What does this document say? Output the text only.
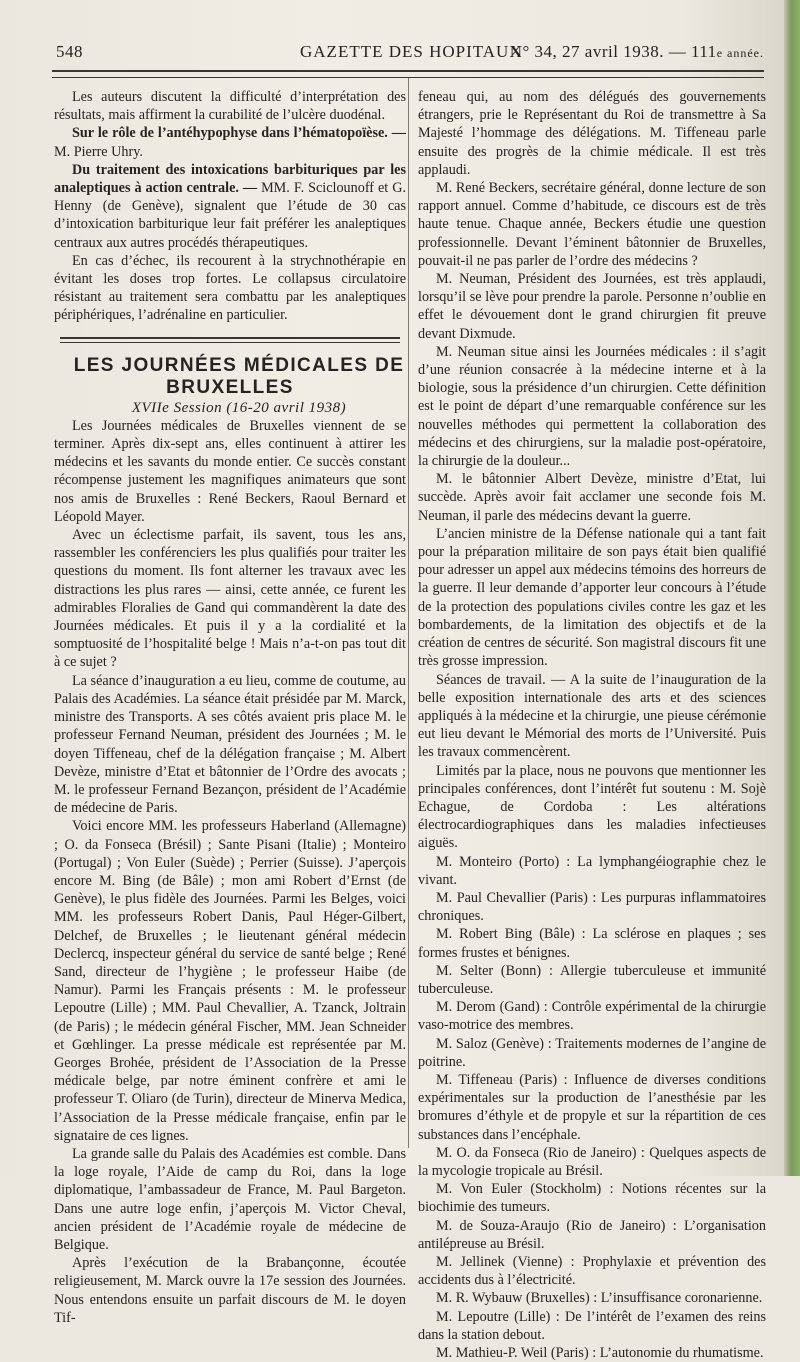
548	GAZETTE DES HOPITAUX
N° 34, 27 avril 1938. — 111e année.

Les auteurs discutent la difficulté d’interprétation des résultats, mais affirment la curabilité de l’ulcère duodénal.

Sur le rôle de l’antéhypophyse dans l’hématopoïèse. — M. Pierre Uhry.

Du traitement des intoxications barbituriques par les analeptiques à action centrale. — MM. F. Sciclounoff et G. Henny (de Genève), signalent que l’étude de 30 cas d’intoxication barbiturique leur fait préférer les analeptiques centraux aux autres procédés thérapeutiques.

En cas d’échec, ils recourent à la strychnothérapie en évitant les doses trop fortes. Le collapsus circulatoire résistant au traitement sera combattu par les analeptiques périphériques, l’adrénaline en particulier.

LES JOURNÉES MÉDICALES DE BRUXELLES

XVIIe Session (16-20 avril 1938)

Les Journées médicales de Bruxelles viennent de se terminer. Après dix-sept ans, elles continuent à attirer les médecins et les savants du monde entier. Ce succès constant récompense justement les magnifiques animateurs que sont nos amis de Bruxelles : René Beckers, Raoul Bernard et Léopold Mayer.

Avec un éclectisme parfait, ils savent, tous les ans, rassembler les conférenciers les plus qualifiés pour traiter les questions du moment. Ils font alterner les travaux avec les distractions les plus rares — ainsi, cette année, ce furent les admirables Floralies de Gand qui commandèrent la date des Journées médicales. Et puis il y a la cordialité et la somptuosité de l’hospitalité belge ! Mais n’a-t-on pas tout dit à ce sujet ?

La séance d’inauguration a eu lieu, comme de coutume, au Palais des Académies. La séance était présidée par M. Marck, ministre des Transports. A ses côtés avaient pris place M. le professeur Fernand Neuman, président des Journées ; M. le doyen Tiffeneau, chef de la délégation française ; M. Albert Devèze, ministre d’Etat et bâtonnier de l’Ordre des avocats ; M. le professeur Fernand Bezançon, président de l’Académie de médecine de Paris.

Voici encore MM. les professeurs Haberland (Allemagne) ; O. da Fonseca (Brésil) ; Sante Pisani (Italie) ; Monteiro (Portugal) ; Von Euler (Suède) ; Perrier (Suisse). J’aperçois encore M. Bing (de Bâle) ; mon ami Robert d’Ernst (de Genève), le plus fidèle des Journées. Parmi les Belges, voici MM. les professeurs Robert Danis, Paul Héger-Gilbert, Delchef, de Bruxelles ; le lieutenant général médecin Declercq, inspecteur général du service de santé belge ; René Sand, directeur de l’hygiène ; le professeur Haibe (de Namur). Parmi les Français présents : M. le professeur Lepoutre (Lille) ; MM. Paul Chevallier, A. Tzanck, Joltrain (de Paris) ; le médecin général Fischer, MM. Jean Schneider et Gœhlinger. La presse médicale est représentée par M. Georges Brohée, président de l’Association de la Presse médicale belge, par notre éminent confrère et ami le professeur T. Oliaro (de Turin), directeur de Minerva Medica, l’Association de la Presse médicale française, enfin par le signataire de ces lignes.

La grande salle du Palais des Académies est comble. Dans la loge royale, l’Aide de camp du Roi, dans la loge diplomatique, l’ambassadeur de France, M. Paul Bargeton. Dans une autre loge enfin, j’aperçois M. Victor Cheval, ancien président de l’Académie royale de médecine de Belgique.

Après l’exécution de la Brabançonne, écoutée religieusement, M. Marck ouvre la 17e session des Journées. Nous entendons ensuite un parfait discours de M. le doyen Tif-

feneau qui, au nom des délégués des gouvernements étrangers, prie le Représentant du Roi de transmettre à Sa Majesté l’hommage des délégations. M. Tiffeneau parle ensuite des progrès de la chimie médicale. Il est très applaudi.

M. René Beckers, secrétaire général, donne lecture de son rapport annuel. Comme d’habitude, ce discours est de très haute tenue. Chaque année, Beckers étudie une question professionnelle. Devant l’éminent bâtonnier de Bruxelles, pouvait-il ne pas parler de l’ordre des médecins ?

M. Neuman, Président des Journées, est très applaudi, lorsqu’il se lève pour prendre la parole. Personne n’oublie en effet le dévouement dont le grand chirurgien fit preuve devant Dixmude.

M. Neuman situe ainsi les Journées médicales : il s’agit d’une réunion consacrée à la médecine interne et à la biologie, sous la présidence d’un chirurgien. Cette définition est le point de départ d’une remarquable conférence sur les nouvelles méthodes qui permettent la collaboration des médecins et des chirurgiens, sur la maladie post-opératoire, la chirurgie de la douleur...

M. le bâtonnier Albert Devèze, ministre d’Etat, lui succède. Après avoir fait acclamer une seconde fois M. Neuman, il parle des médecins devant la guerre.

L’ancien ministre de la Défense nationale qui a tant fait pour la préparation militaire de son pays était bien qualifié pour adresser un appel aux médecins témoins des horreurs de la guerre. Il leur demande d’apporter leur concours à l’étude de la protection des populations civiles contre les gaz et les bombardements, de la limitation des objectifs et de la création de centres de sécurité. Son magistral discours fit une très grosse impression.

Séances de travail. — A la suite de l’inauguration de la belle exposition internationale des arts et des sciences appliqués à la médecine et la chirurgie, une pieuse cérémonie eut lieu devant le Mémorial des morts de l’Université. Puis les travaux commencèrent.

Limités par la place, nous ne pouvons que mentionner les principales conférences, dont l’intérêt fut soutenu : M. Sojè Echague, de Cordoba : Les altérations électrocardiographiques dans les maladies infectieuses aiguës.

M. Monteiro (Porto) : La lymphangéiographie chez le vivant.

M. Paul Chevallier (Paris) : Les purpuras inflammatoires chroniques.

M. Robert Bing (Bâle) : La sclérose en plaques ; ses formes frustes et bénignes.

M. Selter (Bonn) : Allergie tuberculeuse et immunité tuberculeuse.

M. Derom (Gand) : Contrôle expérimental de la chirurgie vaso-motrice des membres.

M. Saloz (Genève) : Traitements modernes de l’angine de poitrine.

M. Tiffeneau (Paris) : Influence de diverses conditions expérimentales sur la production de l’anesthésie par les bromures d’éthyle et de propyle et sur la répartition de ces substances dans l’encéphale.

M. O. da Fonseca (Rio de Janeiro) : Quelques aspects de la mycologie tropicale au Brésil.

M. Von Euler (Stockholm) : Notions récentes sur la biochimie des tumeurs.

M. de Souza-Araujo (Rio de Janeiro) : L’organisation antilépreuse au Brésil.

M. Jellinek (Vienne) : Prophylaxie et prévention des accidents dus à l’électricité.

M. R. Wybauw (Bruxelles) : L’insuffisance coronarienne.

M. Lepoutre (Lille) : De l’intérêt de l’examen des reins dans la station debout.

M. Mathieu-P. Weil (Paris) : L’autonomie du rhumatisme.
